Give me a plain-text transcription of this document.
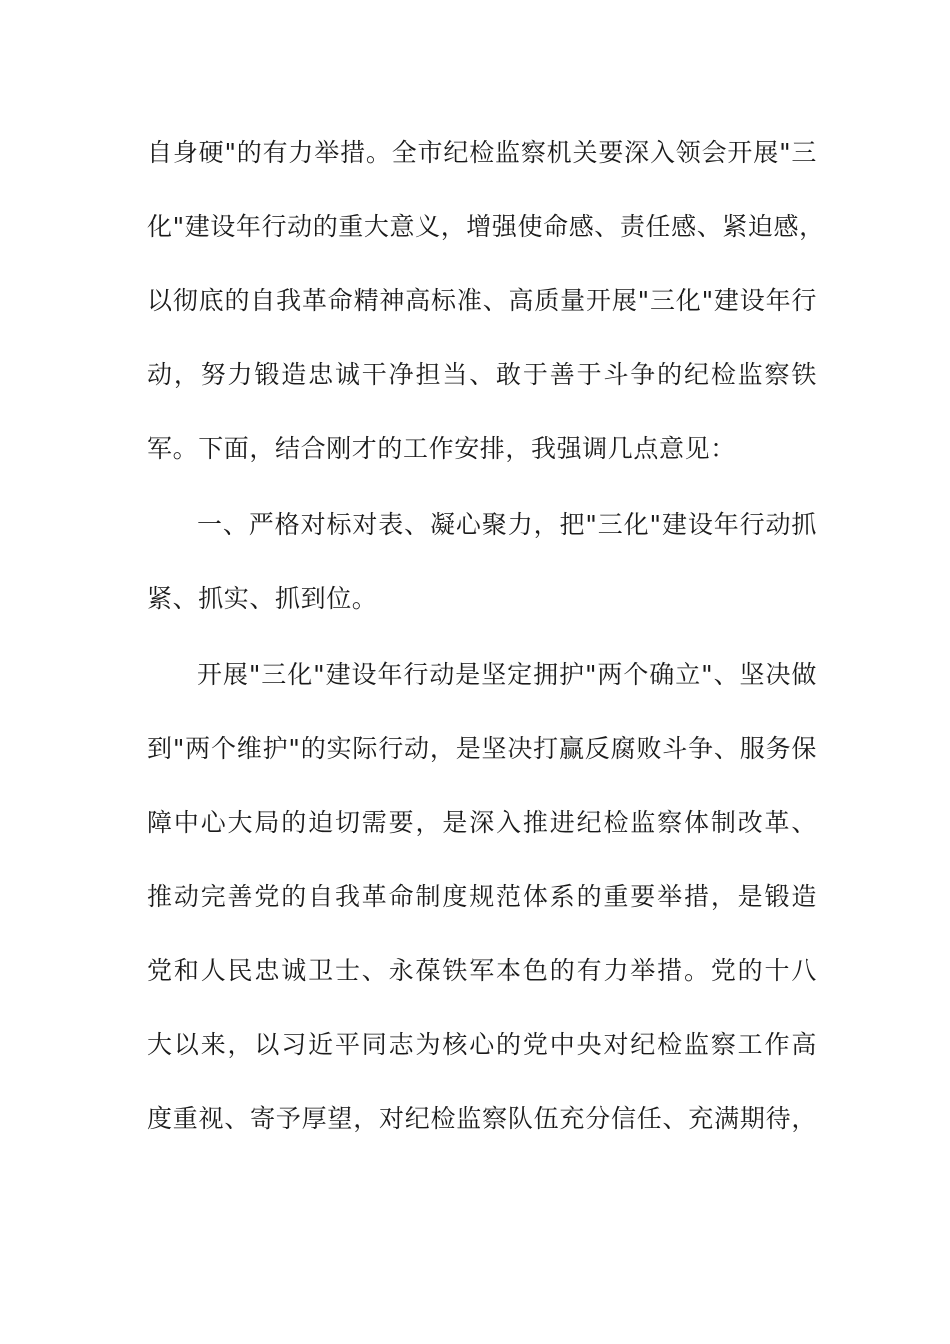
自身硬"的有力举措。全市纪检监察机关要深入领会开展"三
化"建设年行动的重大意义，增强使命感、责任感、紧迫感，
以彻底的自我革命精神高标准、高质量开展"三化"建设年行
动，努力锻造忠诚干净担当、敢于善于斗争的纪检监察铁
军。下面，结合刚才的工作安排，我强调几点意见：
一、严格对标对表、凝心聚力，把"三化"建设年行动抓
紧、抓实、抓到位。
开展"三化"建设年行动是坚定拥护"两个确立"、坚决做
到"两个维护"的实际行动，是坚决打赢反腐败斗争、服务保
障中心大局的迫切需要，是深入推进纪检监察体制改革、
推动完善党的自我革命制度规范体系的重要举措，是锻造
党和人民忠诚卫士、永葆铁军本色的有力举措。党的十八
大以来，以习近平同志为核心的党中央对纪检监察工作高
度重视、寄予厚望，对纪检监察队伍充分信任、充满期待，
